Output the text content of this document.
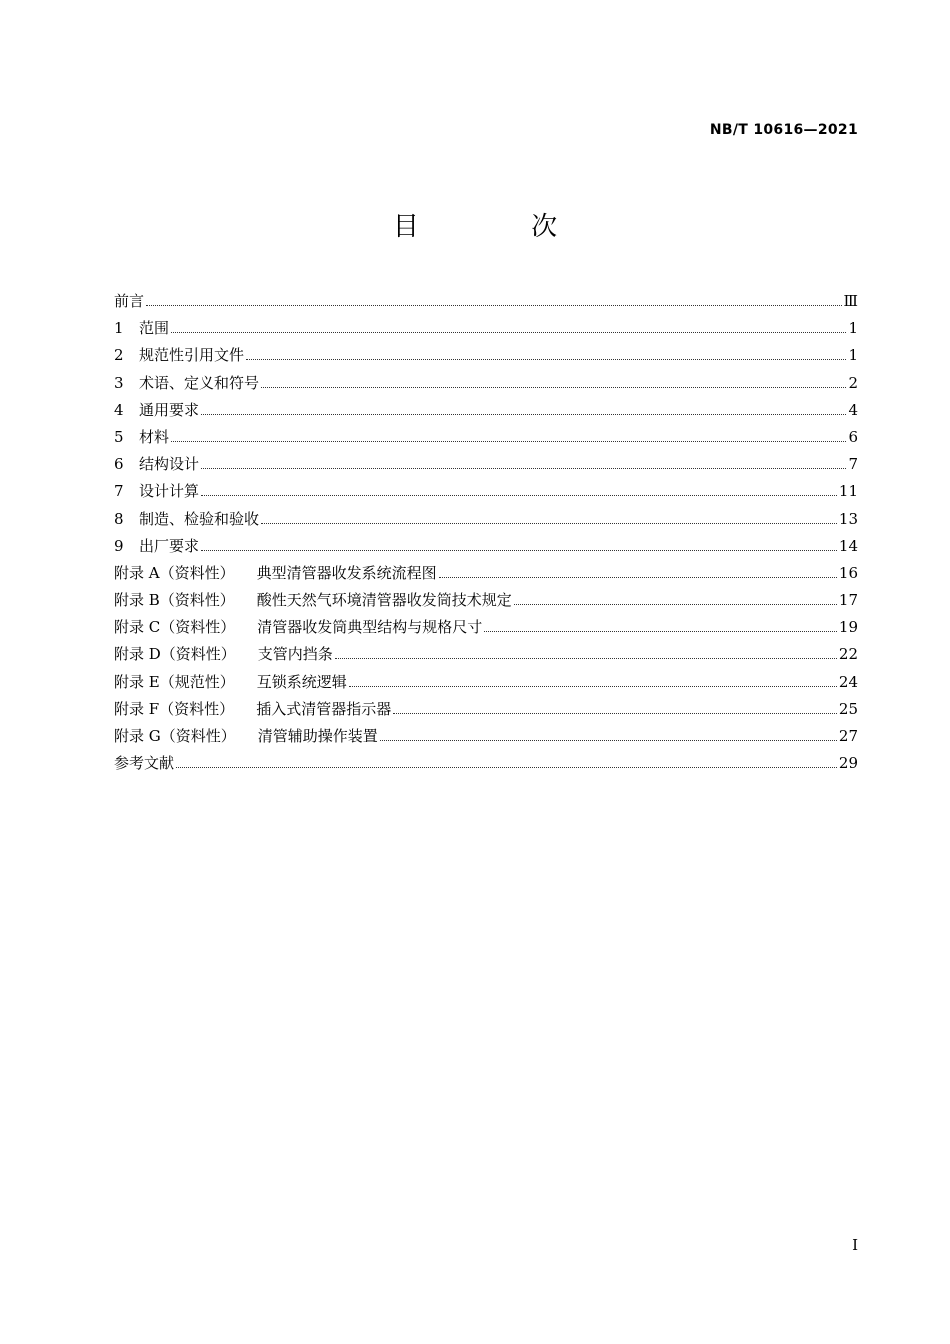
NB/T 10616—2021
目 次
前言	Ⅲ
1	范围	1
2	规范性引用文件	1
3	术语、定义和符号	2
4	通用要求	4
5	材料	6
6	结构设计	7
7	设计计算	11
8	制造、检验和验收	13
9	出厂要求	14
附录 A（资料性） 典型清管器收发系统流程图	16
附录 B（资料性） 酸性天然气环境清管器收发筒技术规定	17
附录 C（资料性） 清管器收发筒典型结构与规格尺寸	19
附录 D（资料性） 支管内挡条	22
附录 E（规范性） 互锁系统逻辑	24
附录 F（资料性） 插入式清管器指示器	25
附录 G（资料性） 清管辅助操作装置	27
参考文献	29
I
